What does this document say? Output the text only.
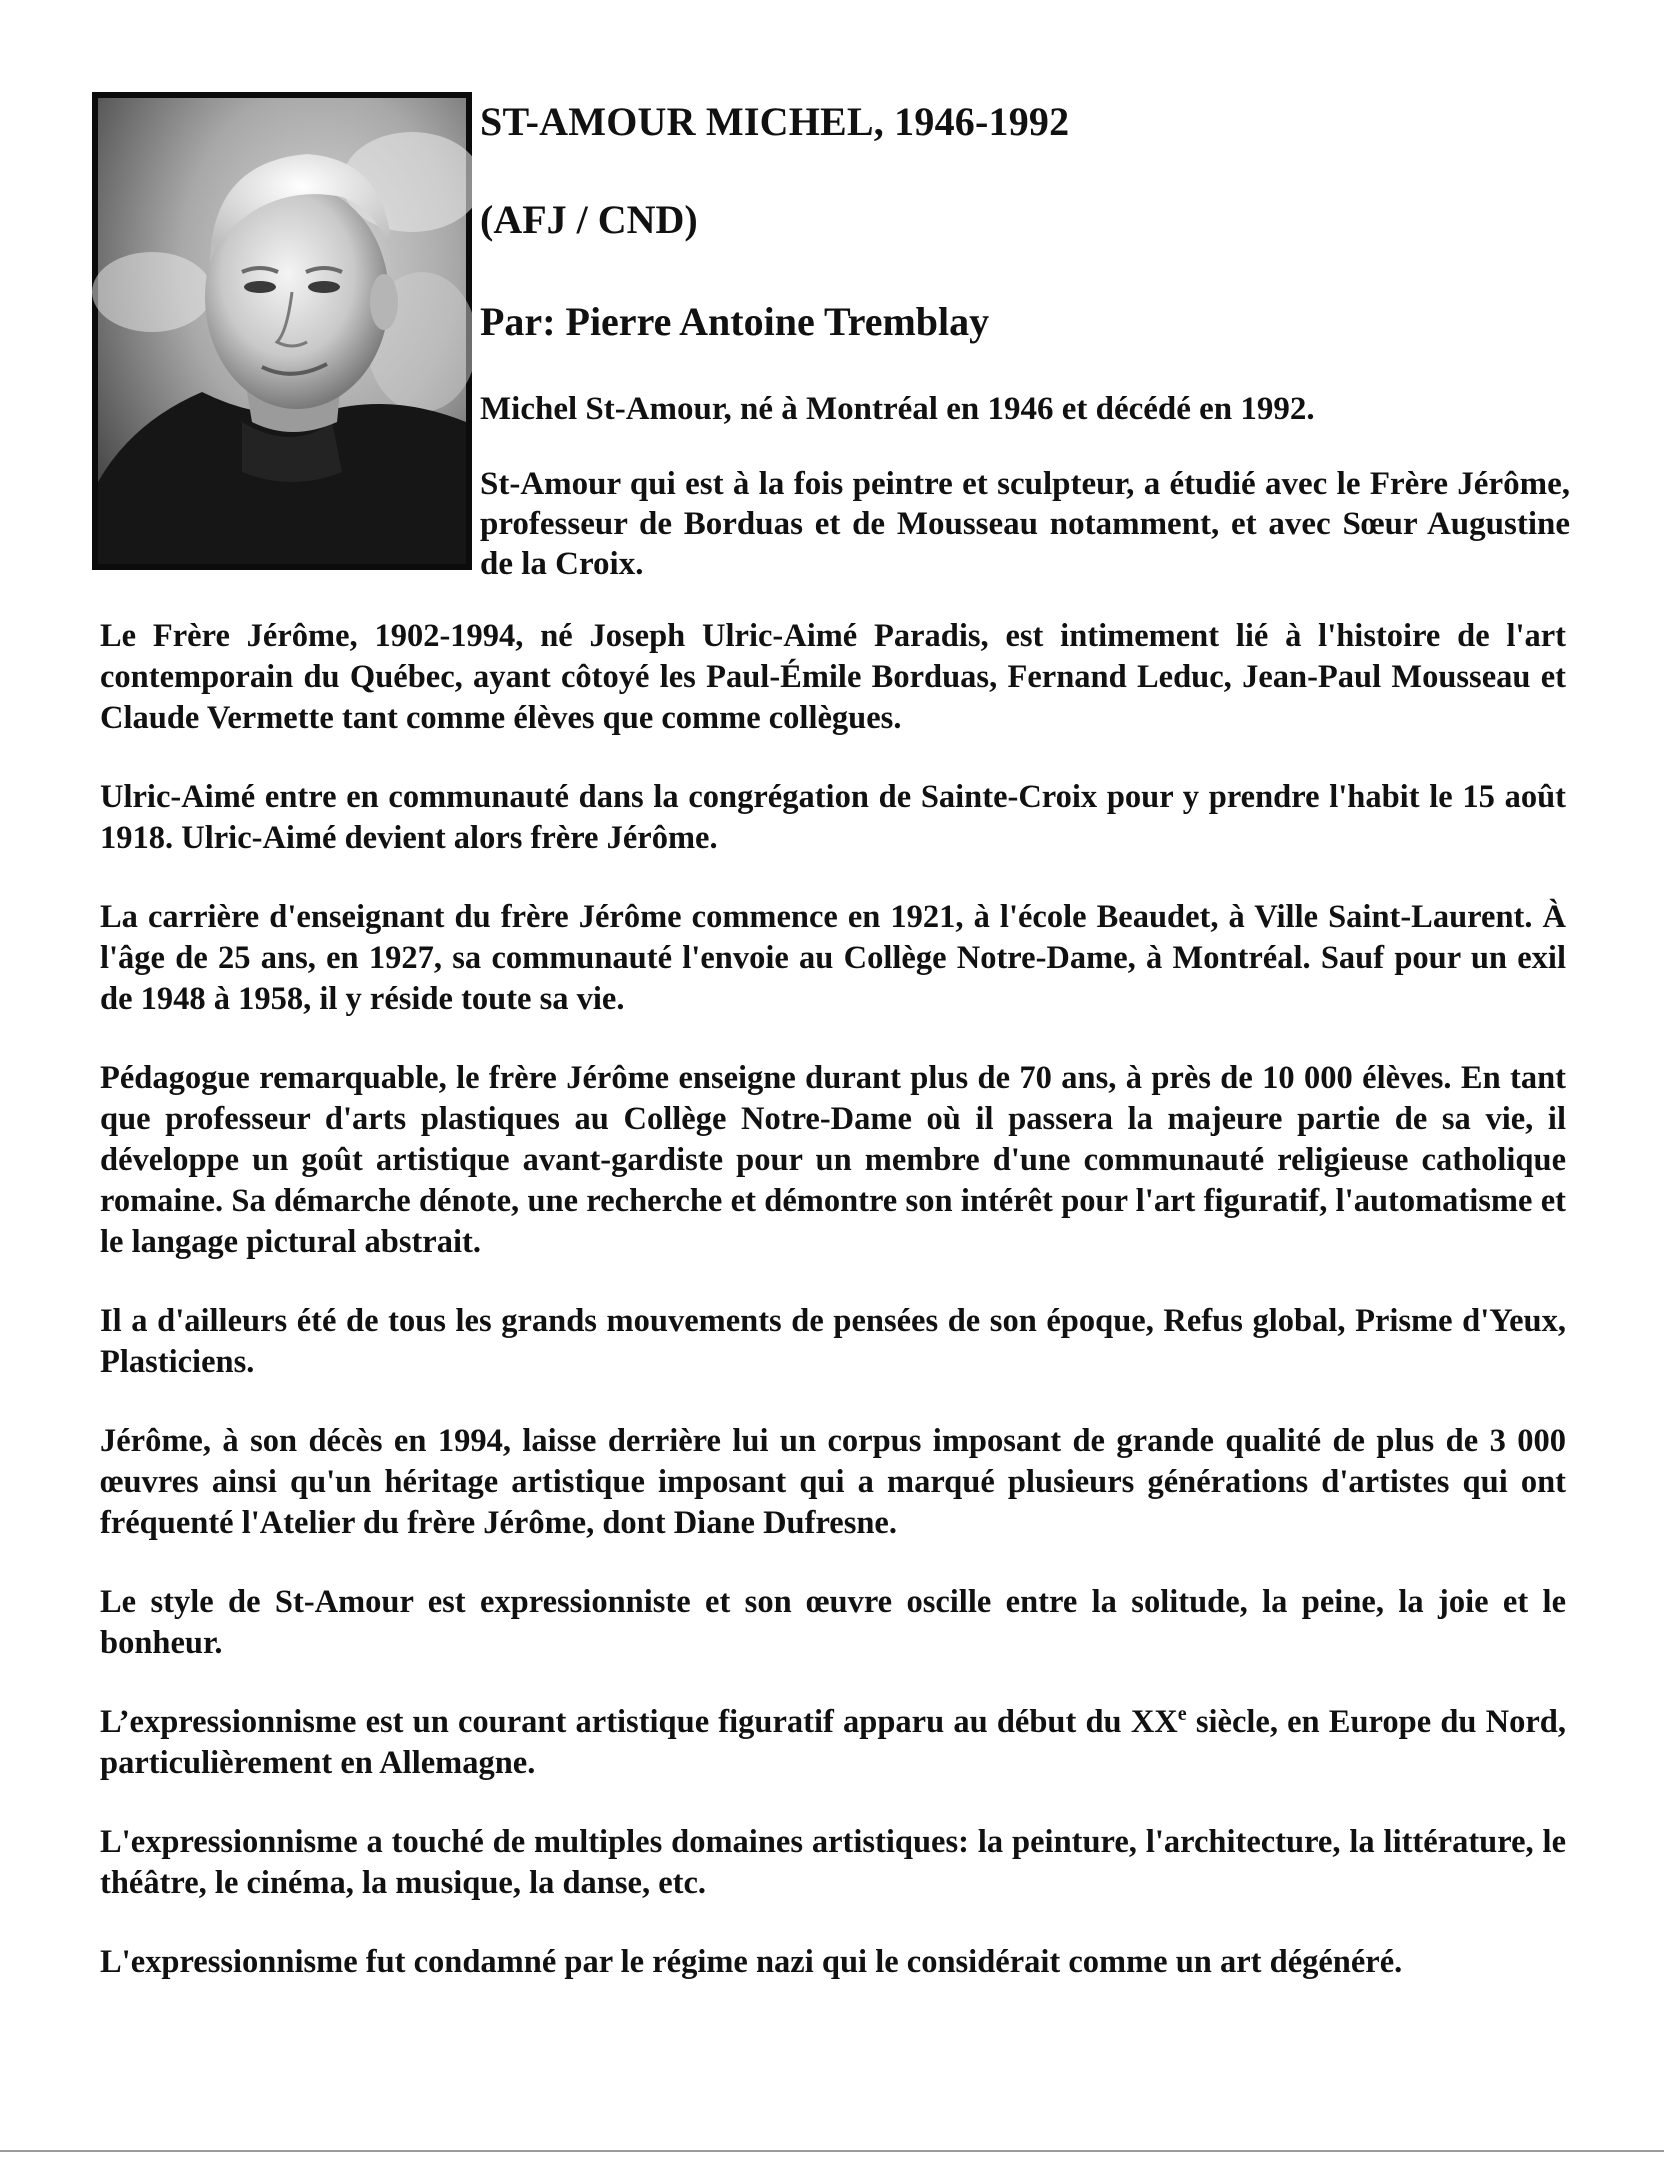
ST-AMOUR MICHEL, 1946-1992
(AFJ / CND)
Par: Pierre Antoine Tremblay

Michel St-Amour, né à Montréal en 1946 et décédé en 1992.

St-Amour qui est à la fois peintre et sculpteur, a étudié avec le Frère Jérôme, professeur de Borduas et de Mousseau notamment, et avec Sœur Augustine de la Croix.

Le Frère Jérôme, 1902-1994, né Joseph Ulric-Aimé Paradis, est intimement lié à l'histoire de l'art contemporain du Québec, ayant côtoyé les Paul-Émile Borduas, Fernand Leduc, Jean-Paul Mousseau et Claude Vermette tant comme élèves que comme collègues.

Ulric-Aimé entre en communauté dans la congrégation de Sainte-Croix pour y prendre l'habit le 15 août 1918. Ulric-Aimé devient alors frère Jérôme.

La carrière d'enseignant du frère Jérôme commence en 1921, à l'école Beaudet, à Ville Saint-Laurent. À l'âge de 25 ans, en 1927, sa communauté l'envoie au Collège Notre-Dame, à Montréal. Sauf pour un exil de 1948 à 1958, il y réside toute sa vie.

Pédagogue remarquable, le frère Jérôme enseigne durant plus de 70 ans, à près de 10 000 élèves. En tant que professeur d'arts plastiques au Collège Notre-Dame où il passera la majeure partie de sa vie, il développe un goût artistique avant-gardiste pour un membre d'une communauté religieuse catholique romaine. Sa démarche dénote, une recherche et démontre son intérêt pour l'art figuratif, l'automatisme et le langage pictural abstrait.

Il a d'ailleurs été de tous les grands mouvements de pensées de son époque, Refus global, Prisme d'Yeux, Plasticiens.

Jérôme, à son décès en 1994, laisse derrière lui un corpus imposant de grande qualité de plus de 3 000 œuvres ainsi qu'un héritage artistique imposant qui a marqué plusieurs générations d'artistes qui ont fréquenté l'Atelier du frère Jérôme, dont Diane Dufresne.

Le style de St-Amour est expressionniste et son œuvre oscille entre la solitude, la peine, la joie et le bonheur.

L’expressionnisme est un courant artistique figuratif apparu au début du XXe siècle, en Europe du Nord, particulièrement en Allemagne.

L'expressionnisme a touché de multiples domaines artistiques: la peinture, l'architecture, la littérature, le théâtre, le cinéma, la musique, la danse, etc.

L'expressionnisme fut condamné par le régime nazi qui le considérait comme un art dégénéré.
